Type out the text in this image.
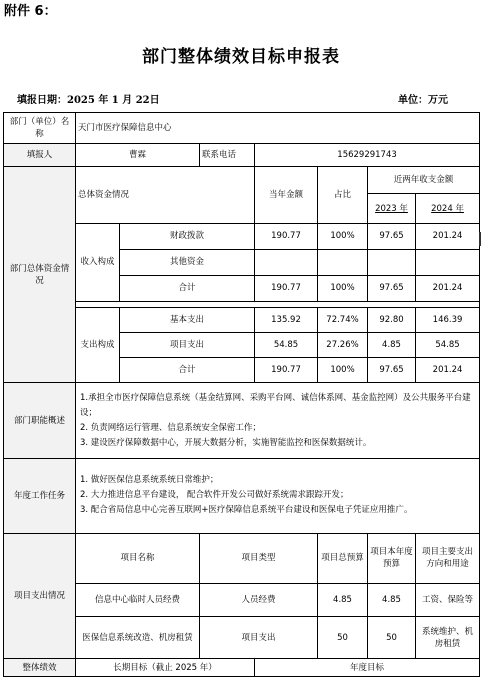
附件 6：
部门整体绩效目标申报表
填报日期：2025 年 1 月 22日	单位：万元
部门（单位）名称	天门市医疗保障信息中心						
填报人	曹霖		联系电话	15629291743			
部门总体资金情况	总体资金情况			当年金额	占比	近两年收支金额	
						2023 年	2024 年
	收入构成	财政拨款		190.77	100%	97.65	201.24
		其他资金					
		合计		190.77	100%	97.65	201.24

	支出构成	基本支出		135.92	72.74%	92.80	146.39
		项目支出		54.85	27.26%	4.85	54.85
		合计		190.77	100%	97.65	201.24
部门职能概述	1.承担全市医疗保障信息系统（基金结算网、采购平台网、诚信体系网、基金监控网）及公共服务平台建设；
2. 负责网络运行管理、信息系统安全保密工作；
3. 建设医疗保障数据中心，开展大数据分析，实施智能监控和医保数据统计。						

年度工作任务	1. 做好医保信息系统系统日常维护；
2. 大力推进信息平台建设， 配合软件开发公司做好系统需求跟踪开发；
3. 配合省局信息中心完善互联网+医疗保障信息系统平台建设和医保电子凭证应用推广。						

项目支出情况	项目名称		项目类型		项目总预算	项目本年度预算	项目主要支出方向和用途
	信息中心临时人员经费		人员经费		4.85	4.85	工资、保险等
	医保信息系统改造、机房租赁		项目支出		50	50	系统维护、机房租赁
整体绩效	长期目标（截止 2025 年）			年度目标			
